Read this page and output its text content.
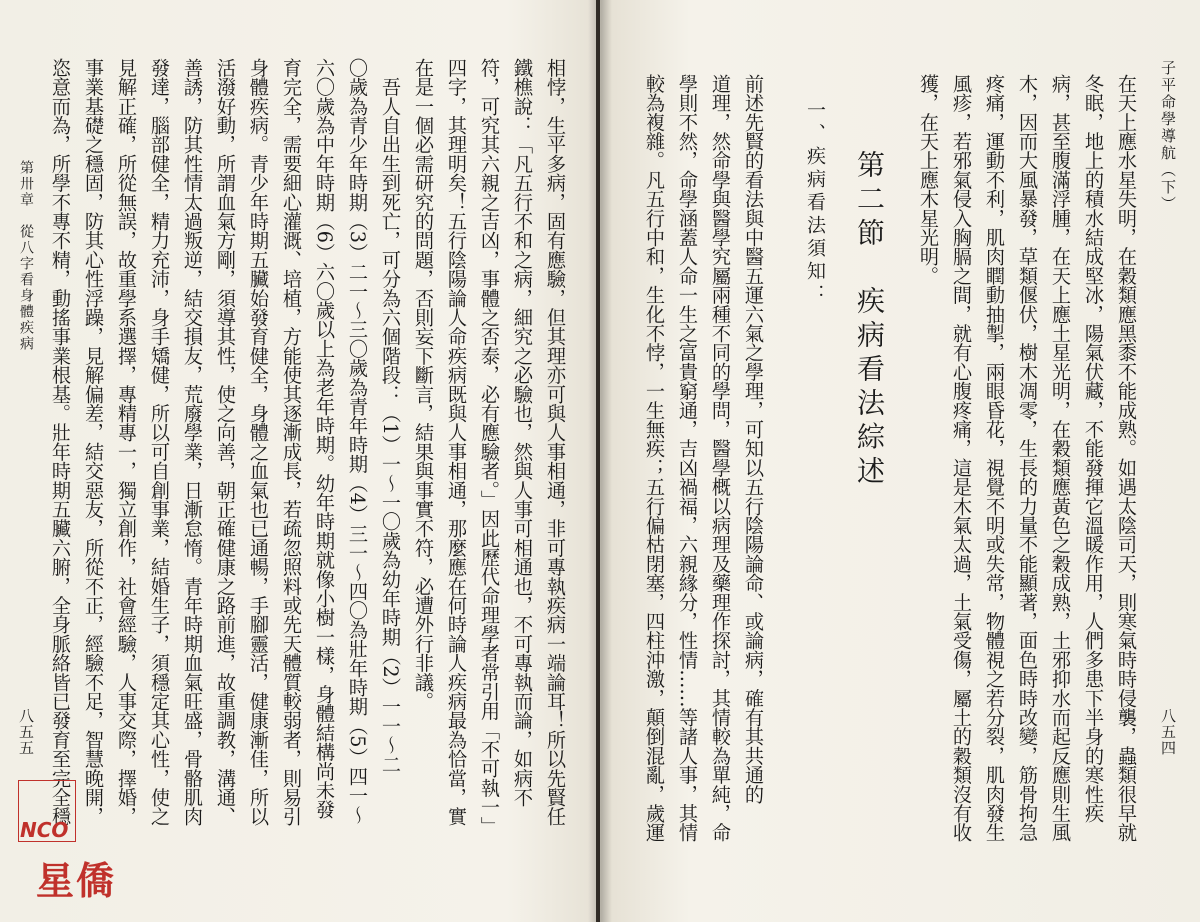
相悖，生平多病，固有應驗，但其理亦可與人事相通，非可專執疾病一端論耳！所以先賢任
鐵樵說：「凡五行不和之病，細究之必驗也，然與人事可相通也，不可專執而論，如病不
符，可究其六親之吉凶，事體之否泰，必有應驗者。」因此歷代命理學者常引用「不可執一」
四字，其理明矣！五行陰陽論人命疾病既與人事相通，那麼應在何時論人疾病最為恰當，實
在是一個必需研究的問題，否則妄下斷言，結果與事實不符，必遭外行非議。
　吾人自出生到死亡，可分為六個階段：（1）一～一〇歲為幼年時期（2）一一～二
〇歲為青少年時期（3）二一～三〇歲為青年時期（4）三一～四〇為壯年時期（5）四一～
六〇歲為中年時期（6）六〇歲以上為老年時期。幼年時期就像小樹一樣，身體結構尚未發
育完全，需要細心灌溉、培植，方能使其逐漸成長，若疏忽照料或先天體質較弱者，則易引
身體疾病。青少年時期五臟始發育健全，身體之血氣也已通暢，手腳靈活，健康漸佳，所以
活潑好動，所謂血氣方剛，須導其性，使之向善，朝正確健康之路前進，故重調教，溝通、
善誘，防其性情太過叛逆，結交損友，荒廢學業，日漸怠惰。青年時期血氣旺盛，骨骼肌肉
發達，腦部健全，精力充沛，身手矯健，所以可自創事業，結婚生子，須穩定其心性，使之
見解正確，所從無誤，故重學系選擇，專精專一，獨立創作，社會經驗，人事交際，擇婚，
事業基礎之穩固，防其心性浮躁，見解偏差，結交惡友，所從不正，經驗不足，智慧晚開，
恣意而為，所學不專不精，動搖事業根基。壯年時期五臟六腑，全身脈絡皆已發育至完全穩
第卅章　從八字看身體疾病
八五五
NCO
星僑
子平命學導航（下）
八五四
在天上應水星失明，在穀類應黑黍不能成熟。如遇太陰司天，則寒氣時時侵襲，蟲類很早就
冬眠，地上的積水結成堅冰，陽氣伏藏，不能發揮它溫暖作用，人們多患下半身的寒性疾
病，甚至腹滿浮腫，在天上應土星光明，在穀類應黃色之穀成熟，土邪抑水而起反應則生風
木，因而大風暴發，草類偃伏，樹木凋零，生長的力量不能顯著，面色時時改變，筋骨拘急
疼痛，運動不利，肌肉瞤動抽掣，兩眼昏花，視覺不明或失常，物體視之若分裂，肌肉發生
風疹，若邪氣侵入胸膈之間，就有心腹疼痛，這是木氣太過，土氣受傷，屬土的穀類沒有收
獲，在天上應木星光明。
第二節　疾病看法綜述
一、疾病看法須知：
前述先賢的看法與中醫五運六氣之學理，可知以五行陰陽論命、或論病，確有其共通的
道理，然命學與醫學究屬兩種不同的學問，醫學概以病理及藥理作探討，其情較為單純，命
學則不然，命學涵蓋人命一生之富貴窮通，吉凶禍福，六親緣分，性情……等諸人事，其情
較為複雜。凡五行中和，生化不悖，一生無疾；五行偏枯閉塞，四柱沖激，顛倒混亂，歲運
